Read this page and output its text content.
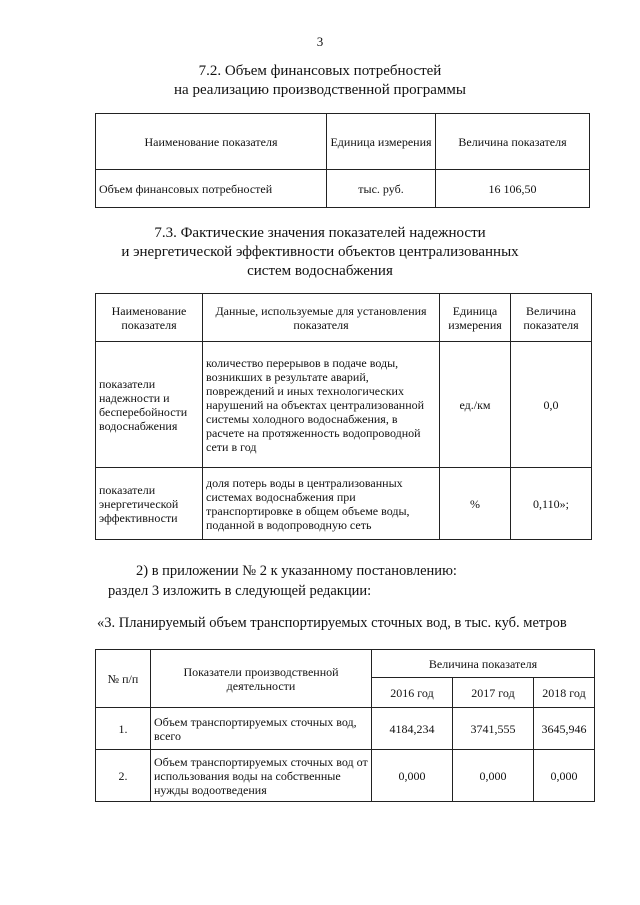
3
7.2. Объем финансовых потребностей
на реализацию производственной программы
Наименование показателя	Единица измерения	Величина показателя
Объем финансовых потребностей	тыс. руб.	16 106,50
7.3. Фактические значения показателей надежности
и энергетической эффективности объектов централизованных
систем водоснабжения
Наименование показателя	Данные, используемые для установления показателя	Единица измерения	Величина показателя
показатели надежности и бесперебойности водоснабжения	количество перерывов в подаче воды, возникших в результате аварий, повреждений и иных технологических нарушений на объектах централизованной системы холодного водоснабжения, в расчете на протяженность водопроводной сети в год	ед./км	0,0
показатели энергетической эффективности	доля потерь воды в централизованных системах водоснабжения при транспортировке в общем объеме воды, поданной в водопроводную сеть	%	0,110»;
2) в приложении № 2 к указанному постановлению:
раздел 3 изложить в следующей редакции:
«3. Планируемый объем транспортируемых сточных вод, в тыс. куб. метров
№ п/п	Показатели производственной деятельности	Величина показателя		
		2016 год	2017 год	2018 год
1.	Объем транспортируемых сточных вод, всего	4184,234	3741,555	3645,946
2.	Объем транспортируемых сточных вод от использования воды на собственные нужды водоотведения	0,000	0,000	0,000
